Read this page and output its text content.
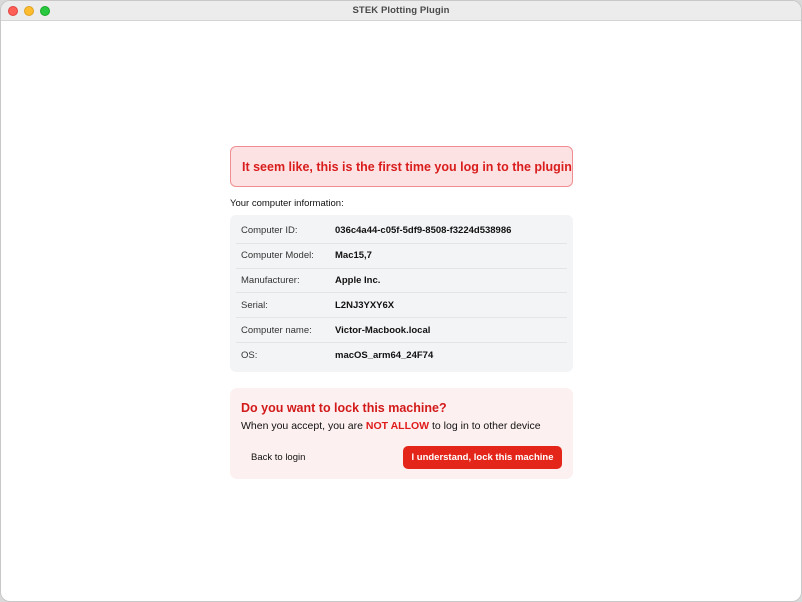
STEK Plotting Plugin
It seem like, this is the first time you log in to the plugin
Your computer information:
Computer ID:	036c4a44-c05f-5df9-8508-f3224d538986
Computer Model:	Mac15,7
Manufacturer:	Apple Inc.
Serial:	L2NJ3YXY6X
Computer name:	Victor-Macbook.local
OS:	macOS_arm64_24F74
Do you want to lock this machine?
When you accept, you are NOT ALLOW to log in to other device
Back to login	I understand, lock this machine
